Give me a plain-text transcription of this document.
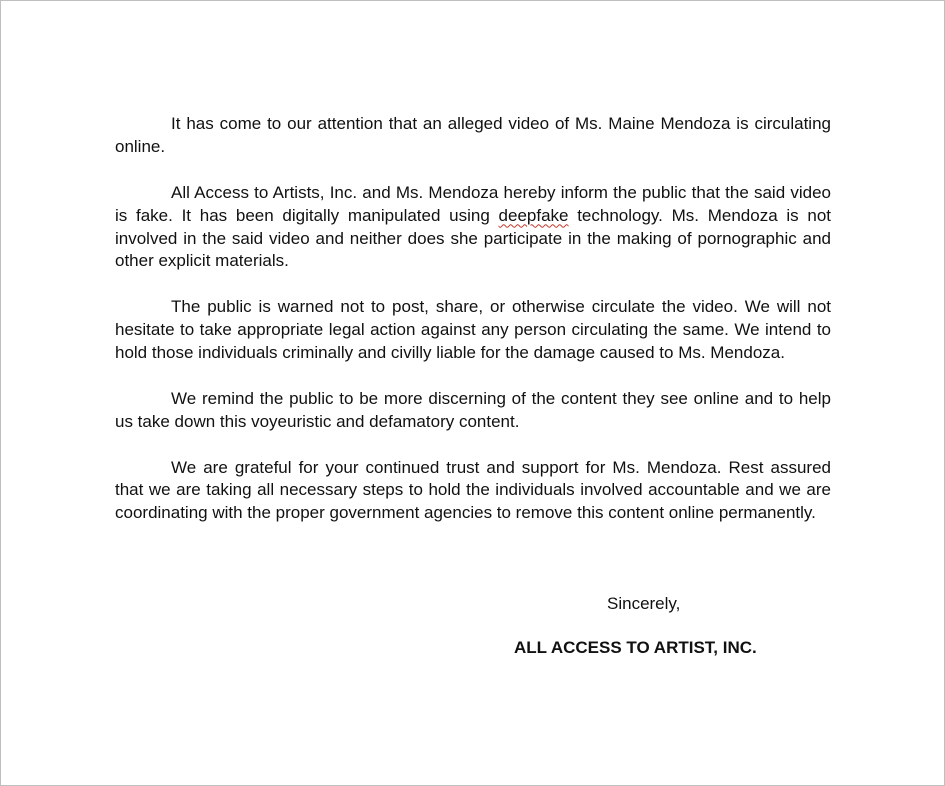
It has come to our attention that an alleged video of Ms. Maine Mendoza is circulating online.

All Access to Artists, Inc. and Ms. Mendoza hereby inform the public that the said video is fake. It has been digitally manipulated using deepfake technology. Ms. Mendoza is not involved in the said video and neither does she participate in the making of pornographic and other explicit materials.

The public is warned not to post, share, or otherwise circulate the video. We will not hesitate to take appropriate legal action against any person circulating the same. We intend to hold those individuals criminally and civilly liable for the damage caused to Ms. Mendoza.

We remind the public to be more discerning of the content they see online and to help us take down this voyeuristic and defamatory content.

We are grateful for your continued trust and support for Ms. Mendoza. Rest assured that we are taking all necessary steps to hold the individuals involved accountable and we are coordinating with the proper government agencies to remove this content online permanently.

Sincerely,
ALL ACCESS TO ARTIST, INC.
